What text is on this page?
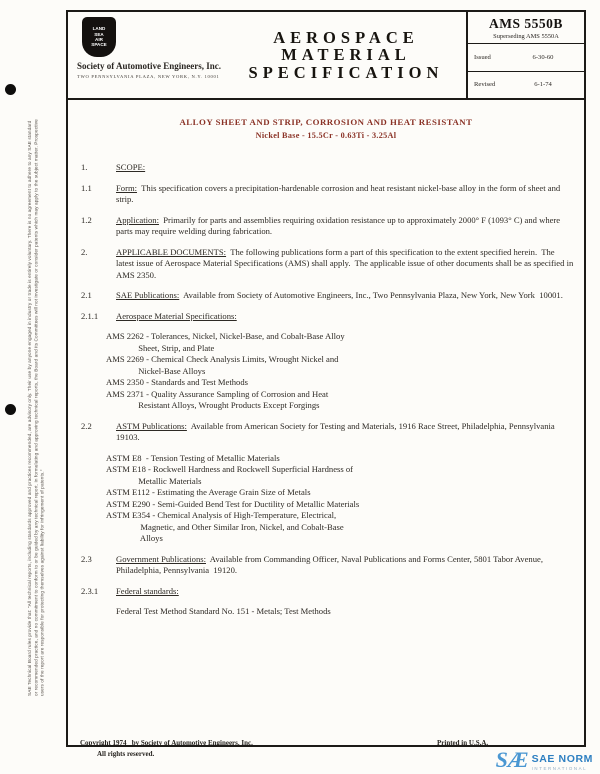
SAE Technical Board rules provide that: "All technical reports, including standards approved and practices recommended, are advisory only. Their use by anyone engaged in industry or trade is entirely voluntary. There is no agreement to adhere to any SAE standard or recommended practice, and no commitment to conform to or be guided by any technical report. In formulating and approving technical reports, the Board and its Committees will not investigate or consider patents which may apply to the subject matter. Prospective users of the report are responsible for protecting themselves against liability for infringement of patents."
LAND
SEA
AIR
SPACE
Society of Automotive Engineers, Inc.
TWO PENNSYLVANIA PLAZA, NEW YORK, N.Y. 10001
AEROSPACE
MATERIAL
SPECIFICATION
AMS 5550B
Superseding AMS 5550A
Issued	6-30-60
Revised	6-1-74
ALLOY SHEET AND STRIP, CORROSION AND HEAT RESISTANT
Nickel Base - 15.5Cr - 0.63Ti - 3.25Al
1.	SCOPE:
1.1	Form:  This specification covers a precipitation-hardenable corrosion and heat resistant nickel-base alloy in the form of sheet and strip.
1.2	Application:  Primarily for parts and assemblies requiring oxidation resistance up to approximately 2000° F (1093° C) and where parts may require welding during fabrication.
2.	APPLICABLE DOCUMENTS:  The following publications form a part of this specification to the extent specified herein.  The latest issue of Aerospace Material Specifications (AMS) shall apply.  The applicable issue of other documents shall be as specified in AMS 2350.
2.1	SAE Publications:  Available from Society of Automotive Engineers, Inc., Two Pennsylvania Plaza, New York, New York  10001.
2.1.1	Aerospace Material Specifications:
AMS 2262 - Tolerances, Nickel, Nickel-Base, and Cobalt-Base Alloy
Sheet, Strip, and Plate
AMS 2269 - Chemical Check Analysis Limits, Wrought Nickel and
Nickel-Base Alloys
AMS 2350 - Standards and Test Methods
AMS 2371 - Quality Assurance Sampling of Corrosion and Heat
Resistant Alloys, Wrought Products Except Forgings
2.2	ASTM Publications:  Available from American Society for Testing and Materials, 1916 Race Street, Philadelphia, Pennsylvania  19103.
ASTM E8  - Tension Testing of Metallic Materials
ASTM E18 - Rockwell Hardness and Rockwell Superficial Hardness of
Metallic Materials
ASTM E112 - Estimating the Average Grain Size of Metals
ASTM E290 - Semi-Guided Bend Test for Ductility of Metallic Materials
ASTM E354 - Chemical Analysis of High-Temperature, Electrical,
Magnetic, and Other Similar Iron, Nickel, and Cobalt-Base
Alloys
2.3	Government Publications:  Available from Commanding Officer, Naval Publications and Forms Center, 5801 Tabor Avenue, Philadelphia, Pennsylvania  19120.
2.3.1	Federal standards:
Federal Test Method Standard No. 151 - Metals; Test Methods
Copyright 1974   by Society of Automotive Engineers, Inc.
All rights reserved.
Printed in U.S.A.
SÆ SAE NORM
INTERNATIONAL
